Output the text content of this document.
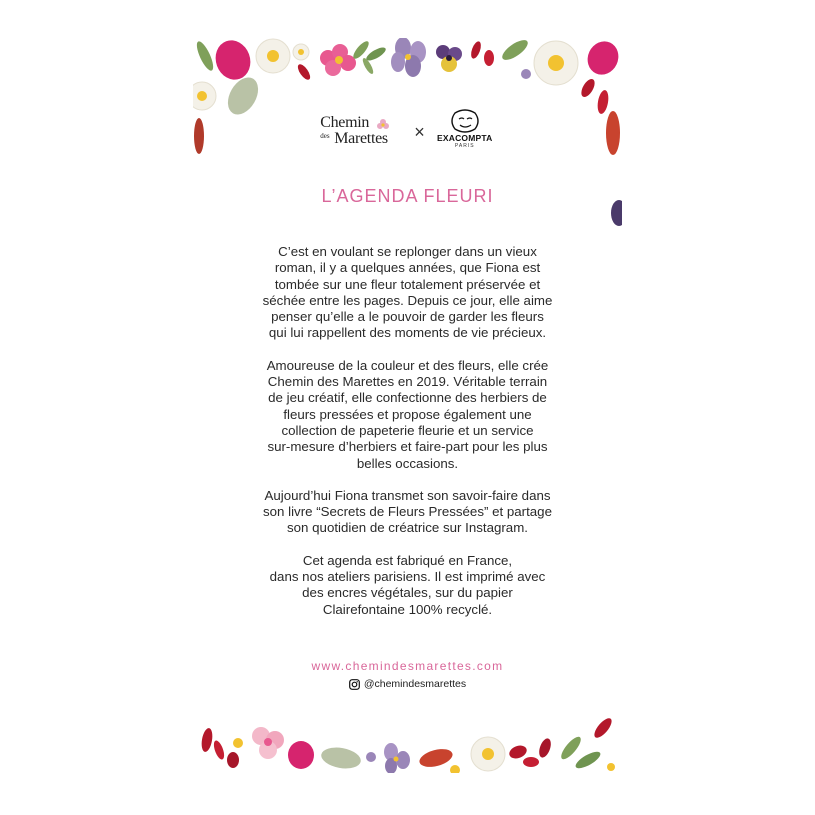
Chemin
des Marettes × EXACOMPTA
PARIS
L’AGENDA FLEURI

C’est en voulant se replonger dans un vieux
roman, il y a quelques années, que Fiona est
tombée sur une fleur totalement préservée et
séchée entre les pages. Depuis ce jour, elle aime
penser qu’elle a le pouvoir de garder les fleurs
qui lui rappellent des moments de vie précieux.

Amoureuse de la couleur et des fleurs, elle crée
Chemin des Marettes en 2019. Véritable terrain
de jeu créatif, elle confectionne des herbiers de
fleurs pressées et propose également une
collection de papeterie fleurie et un service
sur-mesure d’herbiers et faire-part pour les plus
belles occasions.

Aujourd’hui Fiona transmet son savoir-faire dans
son livre “Secrets de Fleurs Pressées” et partage
son quotidien de créatrice sur Instagram.

Cet agenda est fabriqué en France,
dans nos ateliers parisiens. Il est imprimé avec
des encres végétales, sur du papier
Clairefontaine 100% recyclé.

www.chemindesmarettes.com
@chemindesmarettes
